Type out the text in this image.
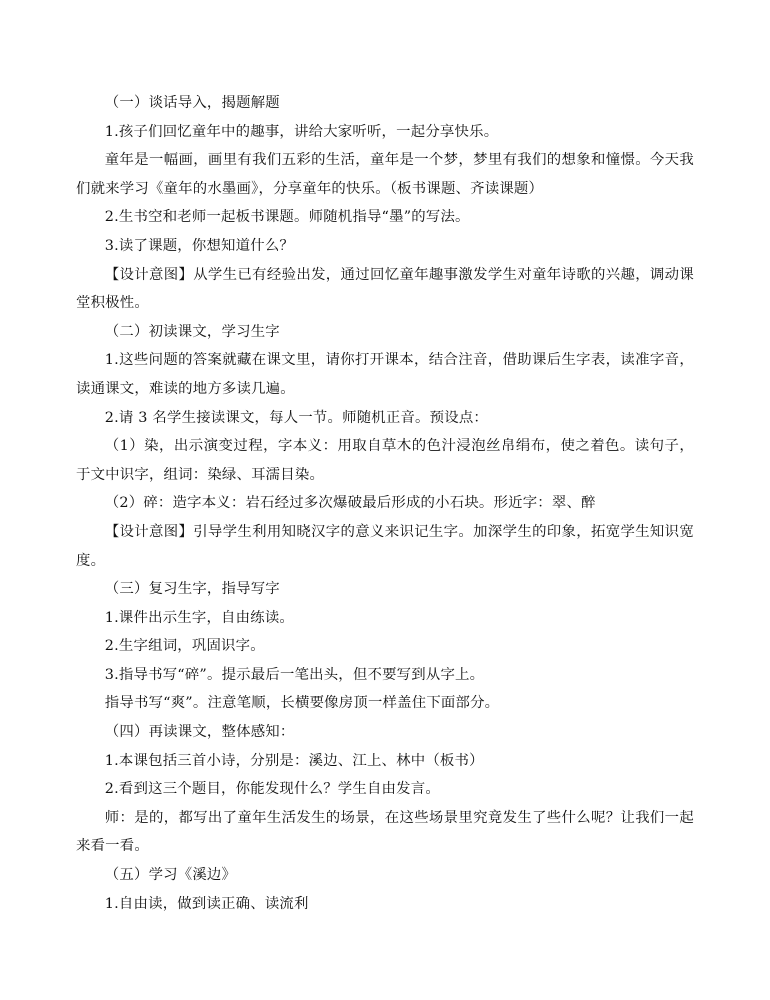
（一）谈话导入，揭题解题

1.孩子们回忆童年中的趣事，讲给大家听听，一起分享快乐。

童年是一幅画，画里有我们五彩的生活，童年是一个梦，梦里有我们的想象和憧憬。今天我们就来学习《童年的水墨画》，分享童年的快乐。（板书课题、齐读课题）

2.生书空和老师一起板书课题。师随机指导“墨”的写法。

3.读了课题，你想知道什么？

【设计意图】从学生已有经验出发，通过回忆童年趣事激发学生对童年诗歌的兴趣，调动课堂积极性。

（二）初读课文，学习生字

1.这些问题的答案就藏在课文里，请你打开课本，结合注音，借助课后生字表，读准字音，读通课文，难读的地方多读几遍。

2.请 3 名学生接读课文，每人一节。师随机正音。预设点：

（1）染，出示演变过程，字本义：用取自草木的色汁浸泡丝帛绢布，使之着色。读句子，于文中识字，组词：染绿、耳濡目染。

（2）碎：造字本义：岩石经过多次爆破最后形成的小石块。形近字：翠、醉

【设计意图】引导学生利用知晓汉字的意义来识记生字。加深学生的印象，拓宽学生知识宽度。

（三）复习生字，指导写字

1.课件出示生字，自由练读。

2.生字组词，巩固识字。

3.指导书写“碎”。提示最后一笔出头，但不要写到从字上。

指导书写“爽”。注意笔顺，长横要像房顶一样盖住下面部分。

（四）再读课文，整体感知：

1.本课包括三首小诗，分别是：溪边、江上、林中（板书）

2.看到这三个题目，你能发现什么？学生自由发言。

师：是的，都写出了童年生活发生的场景，在这些场景里究竟发生了些什么呢？让我们一起来看一看。

（五）学习《溪边》

1.自由读，做到读正确、读流利
